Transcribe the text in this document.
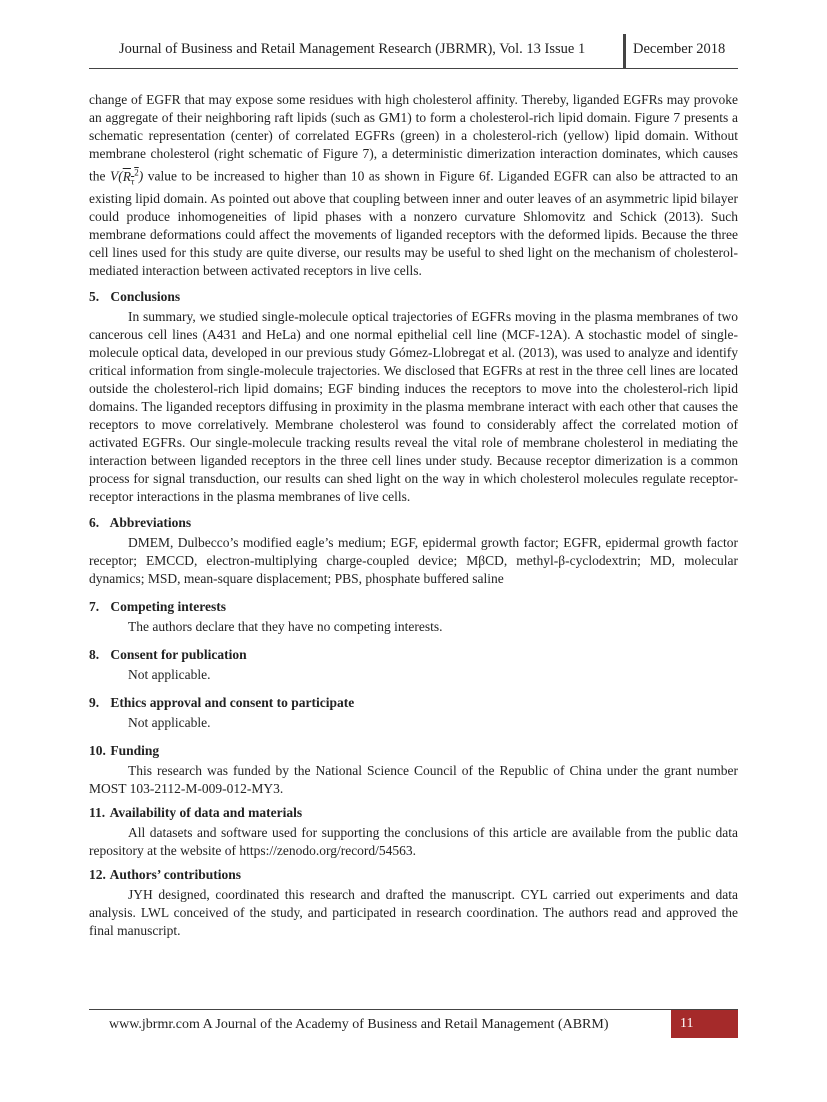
Journal of Business and Retail Management Research (JBRMR), Vol. 13 Issue 1	December 2018

change of EGFR that may expose some residues with high cholesterol affinity. Thereby, liganded EGFRs may provoke an aggregate of their neighboring raft lipids (such as GM1) to form a cholesterol-rich lipid domain. Figure 7 presents a schematic representation (center) of correlated EGFRs (green) in a cholesterol-rich (yellow) lipid domain. Without membrane cholesterol (right schematic of Figure 7), a deterministic dimerization interaction dominates, which causes the $V(R_\tau^2)$ value to be increased to higher than 10 as shown in Figure 6f. Liganded EGFR can also be attracted to an existing lipid domain. As pointed out above that coupling between inner and outer leaves of an asymmetric lipid bilayer could produce inhomogeneities of lipid phases with a nonzero curvature Shlomovitz and Schick (2013). Such membrane deformations could affect the movements of liganded receptors with the deformed lipids. Because the three cell lines used for this study are quite diverse, our results may be useful to shed light on the mechanism of cholesterol-mediated interaction between activated receptors in live cells.

5. Conclusions

In summary, we studied single-molecule optical trajectories of EGFRs moving in the plasma membranes of two cancerous cell lines (A431 and HeLa) and one normal epithelial cell line (MCF-12A). A stochastic model of single-molecule optical data, developed in our previous study Gómez-Llobregat et al. (2013), was used to analyze and identify critical information from single-molecule trajectories. We disclosed that EGFRs at rest in the three cell lines are located outside the cholesterol-rich lipid domains; EGF binding induces the receptors to move into the cholesterol-rich lipid domains. The liganded receptors diffusing in proximity in the plasma membrane interact with each other that causes the receptors to move correlatively. Membrane cholesterol was found to considerably affect the correlated motion of activated EGFRs. Our single-molecule tracking results reveal the vital role of membrane cholesterol in mediating the interaction between liganded receptors in the three cell lines under study. Because receptor dimerization is a common process for signal transduction, our results can shed light on the way in which cholesterol molecules regulate receptor-receptor interactions in the plasma membranes of live cells.

6. Abbreviations

DMEM, Dulbecco’s modified eagle’s medium; EGF, epidermal growth factor; EGFR, epidermal growth factor receptor; EMCCD, electron-multiplying charge-coupled device; MβCD, methyl-β-cyclodextrin; MD, molecular dynamics; MSD, mean-square displacement; PBS, phosphate buffered saline

7. Competing interests

The authors declare that they have no competing interests.

8. Consent for publication

Not applicable.

9. Ethics approval and consent to participate

Not applicable.

10. Funding

This research was funded by the National Science Council of the Republic of China under the grant number MOST 103-2112-M-009-012-MY3.

11. Availability of data and materials

All datasets and software used for supporting the conclusions of this article are available from the public data repository at the website of https://zenodo.org/record/54563.

12. Authors’ contributions

JYH designed, coordinated this research and drafted the manuscript. CYL carried out experiments and data analysis. LWL conceived of the study, and participated in research coordination. The authors read and approved the final manuscript.

www.jbrmr.com A Journal of the Academy of Business and Retail Management (ABRM)	11
